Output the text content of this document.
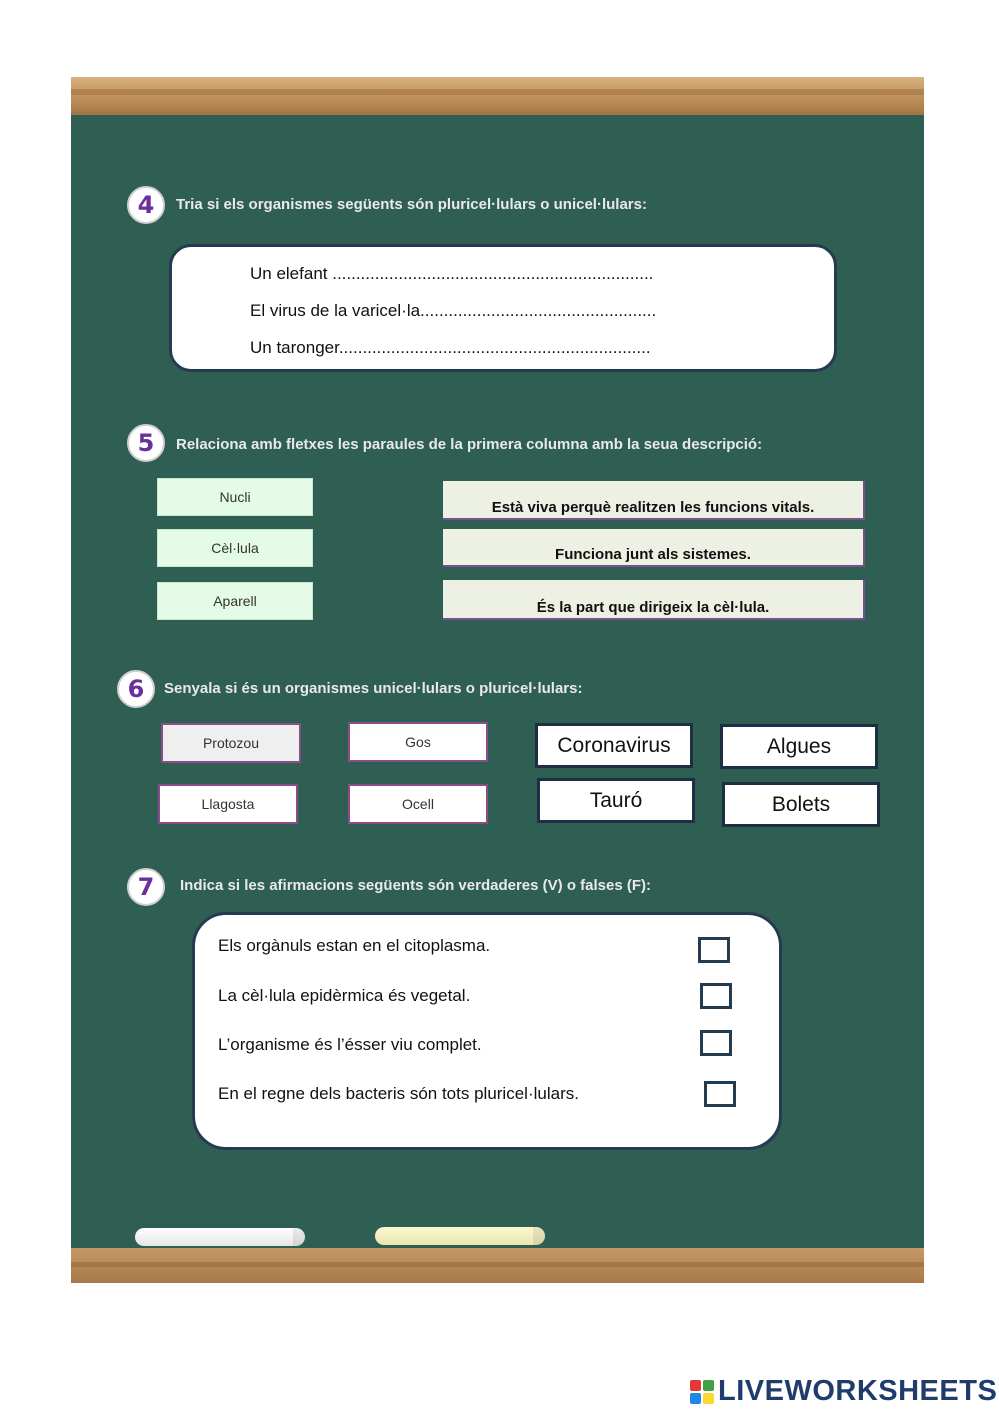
4	Tria si els organismes següents són pluricel·lulars o unicel·lulars:
Un elefant ....................................................................
El virus de la varicel·la..................................................
Un taronger..................................................................
5	Relaciona amb fletxes les paraules de la primera columna amb la seua descripció:
Nucli
Cèl·lula
Aparell
Està viva perquè realitzen les funcions vitals.
Funciona junt als sistemes.
És la part que dirigeix la cèl·lula.
6	Senyala si és un organismes unicel·lulars o pluricel·lulars:
Protozou	Gos	Coronavirus	Algues
Llagosta	Ocell	Tauró	Bolets
7	Indica si les afirmacions següents són verdaderes (V) o falses (F):
Els orgànuls estan en el citoplasma.
La cèl·lula epidèrmica és vegetal.
L’organisme és l’ésser viu complet.
En el regne dels bacteris són tots pluricel·lulars.
LIVEWORKSHEETS
